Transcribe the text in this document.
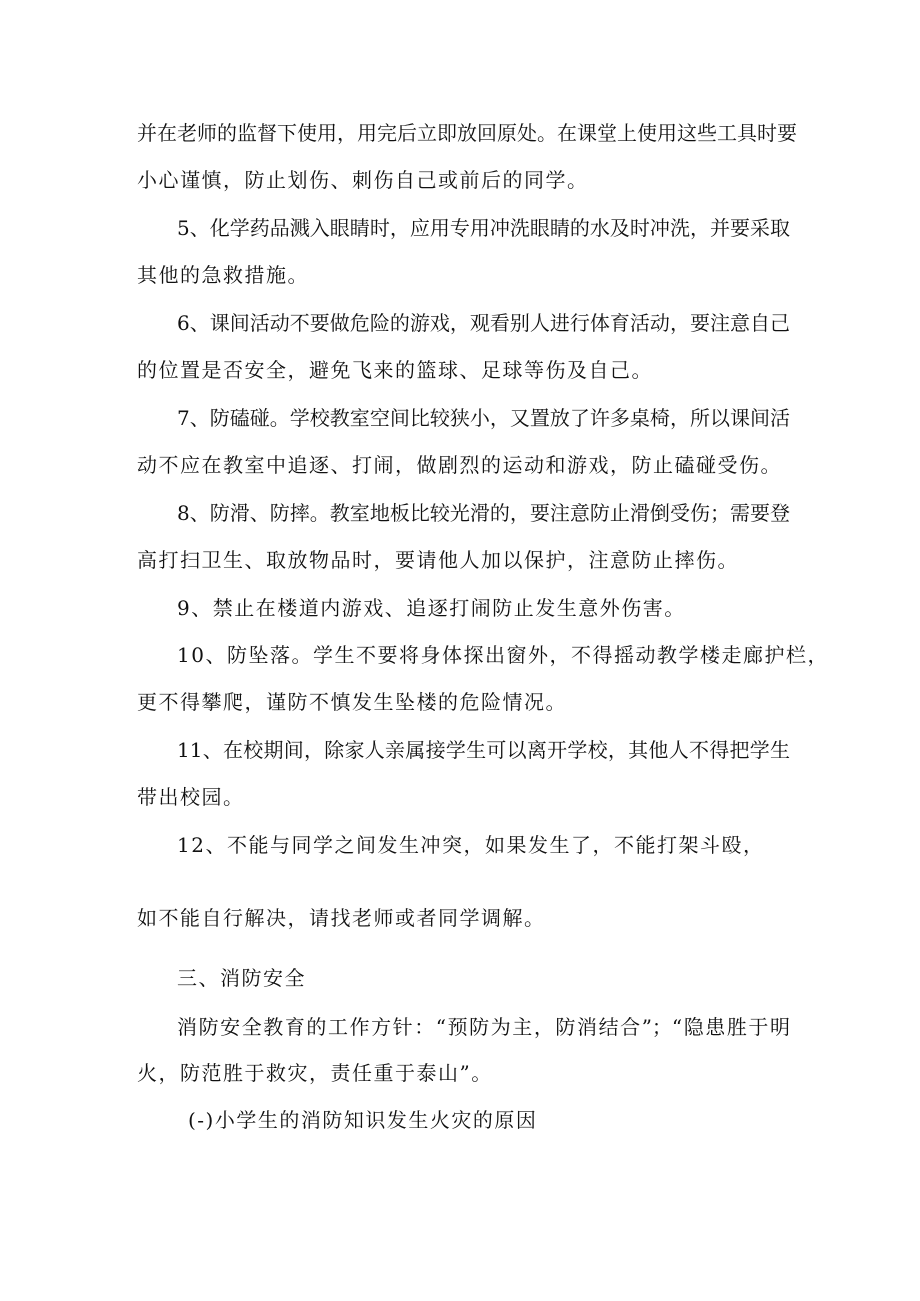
并在老师的监督下使用，用完后立即放回原处。在课堂上使用这些工具时要
小心谨慎，防止划伤、刺伤自己或前后的同学。
5、化学药品溅入眼睛时，应用专用冲洗眼睛的水及时冲洗，并要采取
其他的急救措施。
6、课间活动不要做危险的游戏，观看别人进行体育活动，要注意自己
的位置是否安全，避免飞来的篮球、足球等伤及自己。
7、防磕碰。学校教室空间比较狭小，又置放了许多桌椅，所以课间活
动不应在教室中追逐、打闹，做剧烈的运动和游戏，防止磕碰受伤。
8、防滑、防摔。教室地板比较光滑的，要注意防止滑倒受伤；需要登
高打扫卫生、取放物品时，要请他人加以保护，注意防止摔伤。
9、禁止在楼道内游戏、追逐打闹防止发生意外伤害。
10、防坠落。学生不要将身体探出窗外，不得摇动教学楼走廊护栏，
更不得攀爬，谨防不慎发生坠楼的危险情况。
11、在校期间，除家人亲属接学生可以离开学校，其他人不得把学生
带出校园。
12、不能与同学之间发生冲突，如果发生了，不能打架斗殴，
如不能自行解决，请找老师或者同学调解。
三、消防安全
消防安全教育的工作方针：“预防为主，防消结合”；“隐患胜于明
火，防范胜于救灾，责任重于泰山”。
(-)小学生的消防知识发生火灾的原因
